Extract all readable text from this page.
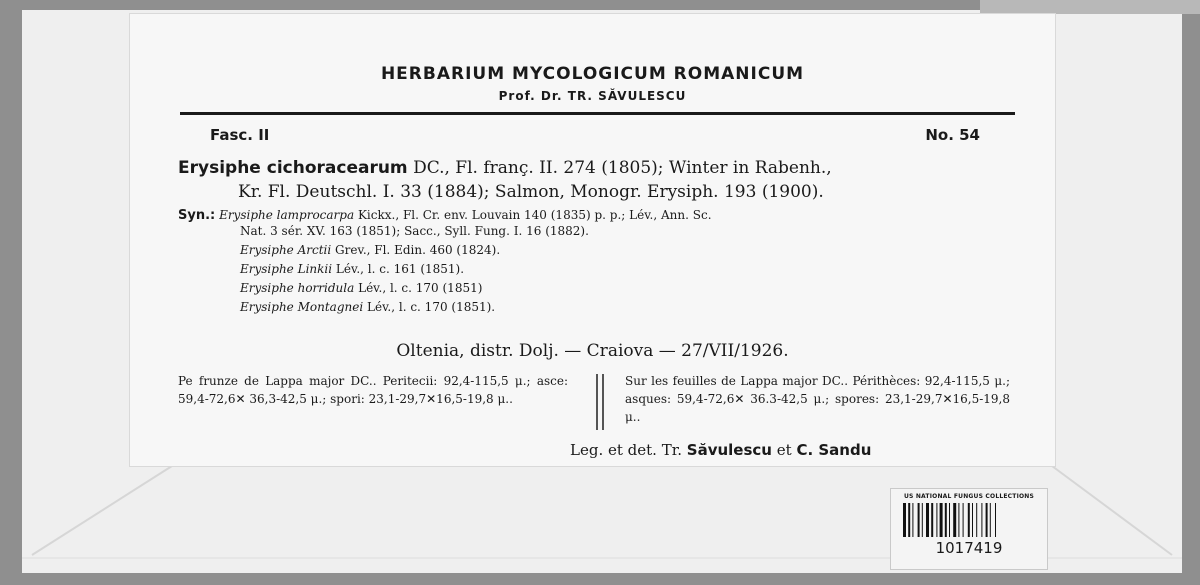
HERBARIUM MYCOLOGICUM ROMANICUM
Prof. Dr. TR. SĂVULESCU
Fasc. II	No. 54
Erysiphe cichoracearum DC., Fl. franç. II. 274 (1805); Winter in Rabenh.,
Kr. Fl. Deutschl. I. 33 (1884); Salmon, Monogr. Erysiph. 193 (1900).
Syn.: Erysiphe lamprocarpa Kickx., Fl. Cr. env. Louvain 140 (1835) p. p.; Lév., Ann. Sc.
Nat. 3 sér. XV. 163 (1851); Sacc., Syll. Fung. I. 16 (1882).
Erysiphe Arctii Grev., Fl. Edin. 460 (1824).
Erysiphe Linkii Lév., l. c. 161 (1851).
Erysiphe horridula Lév., l. c. 170 (1851)
Erysiphe Montagnei Lév., l. c. 170 (1851).
Oltenia, distr. Dolj. — Craiova — 27/VII/1926.
Pe frunze de Lappa major DC.. Peritecii: 92,4-115,5 μ.; asce: 59,4-72,6✕ 36,3-42,5 μ.; spori: 23,1-29,7✕16,5-19,8 μ..
Sur les feuilles de Lappa major DC.. Périthèces: 92,4-115,5 μ.; asques: 59,4-72,6✕ 36.3-42,5 μ.; spores: 23,1-29,7✕16,5-19,8 μ..
Leg. et det. Tr. Săvulescu et C. Sandu
US NATIONAL FUNGUS COLLECTIONS
1017419
